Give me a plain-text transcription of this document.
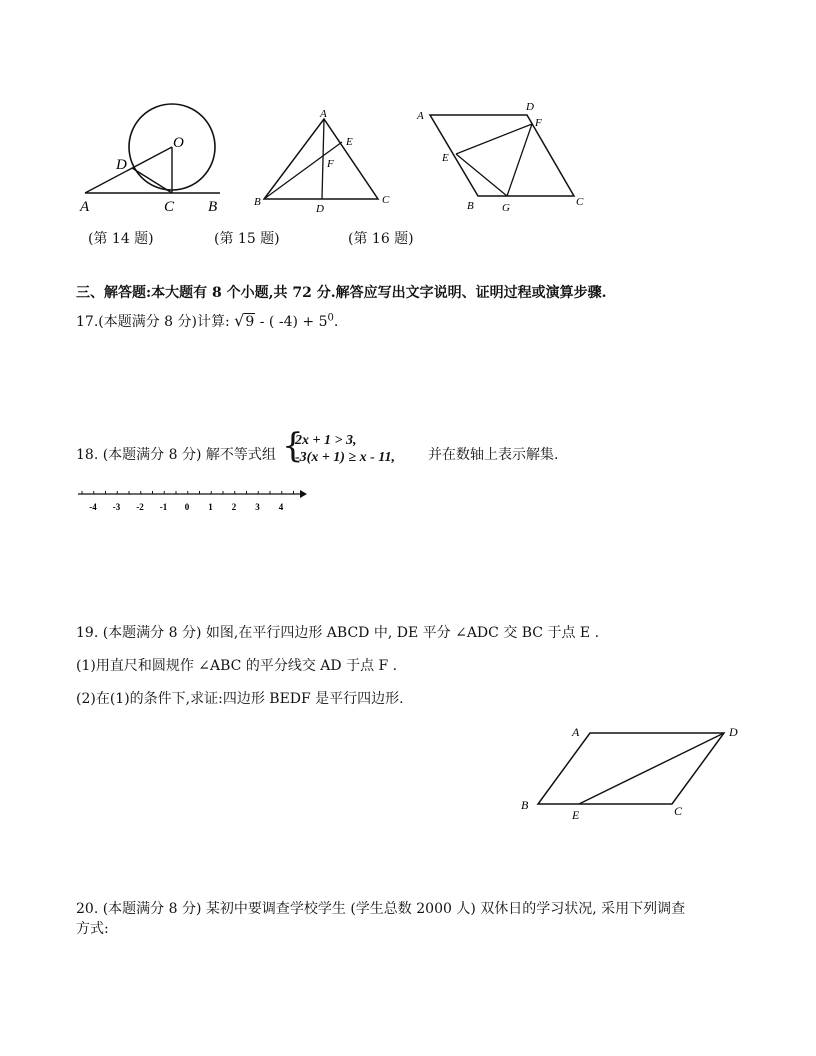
O
D
A	C B
A
E
F
B
D
C
A
D
F
E
B	G	C
(第 14 题)	(第 15 题)	(第 16 题)
三、解答题:本大题有 8 个小题,共 72 分.解答应写出文字说明、证明过程或演算步骤.
17.(本题满分 8 分)计算: √9 - ( $-4) + 5^0$.
18. (本题满分 8 分) 解不等式组 {
2x + 1 > 3,
-3(x + 1) ≥ x - 11, 并在数轴上表示解集.
-4 -3 -2 -1 0 1 2 3 4
19. (本题满分 8 分) 如图,在平行四边形 ABCD 中, DE 平分 ∠ADC 交 BC 于点 E .
(1)用直尺和圆规作 ∠ABC 的平分线交 AD 于点 F .
(2)在(1)的条件下,求证:四边形 BEDF 是平行四边形.
A	D
B
E	C
20. (本题满分 8 分) 某初中要调查学校学生 (学生总数 2000 人) 双休日的学习状况, 采用下列调查
方式:
